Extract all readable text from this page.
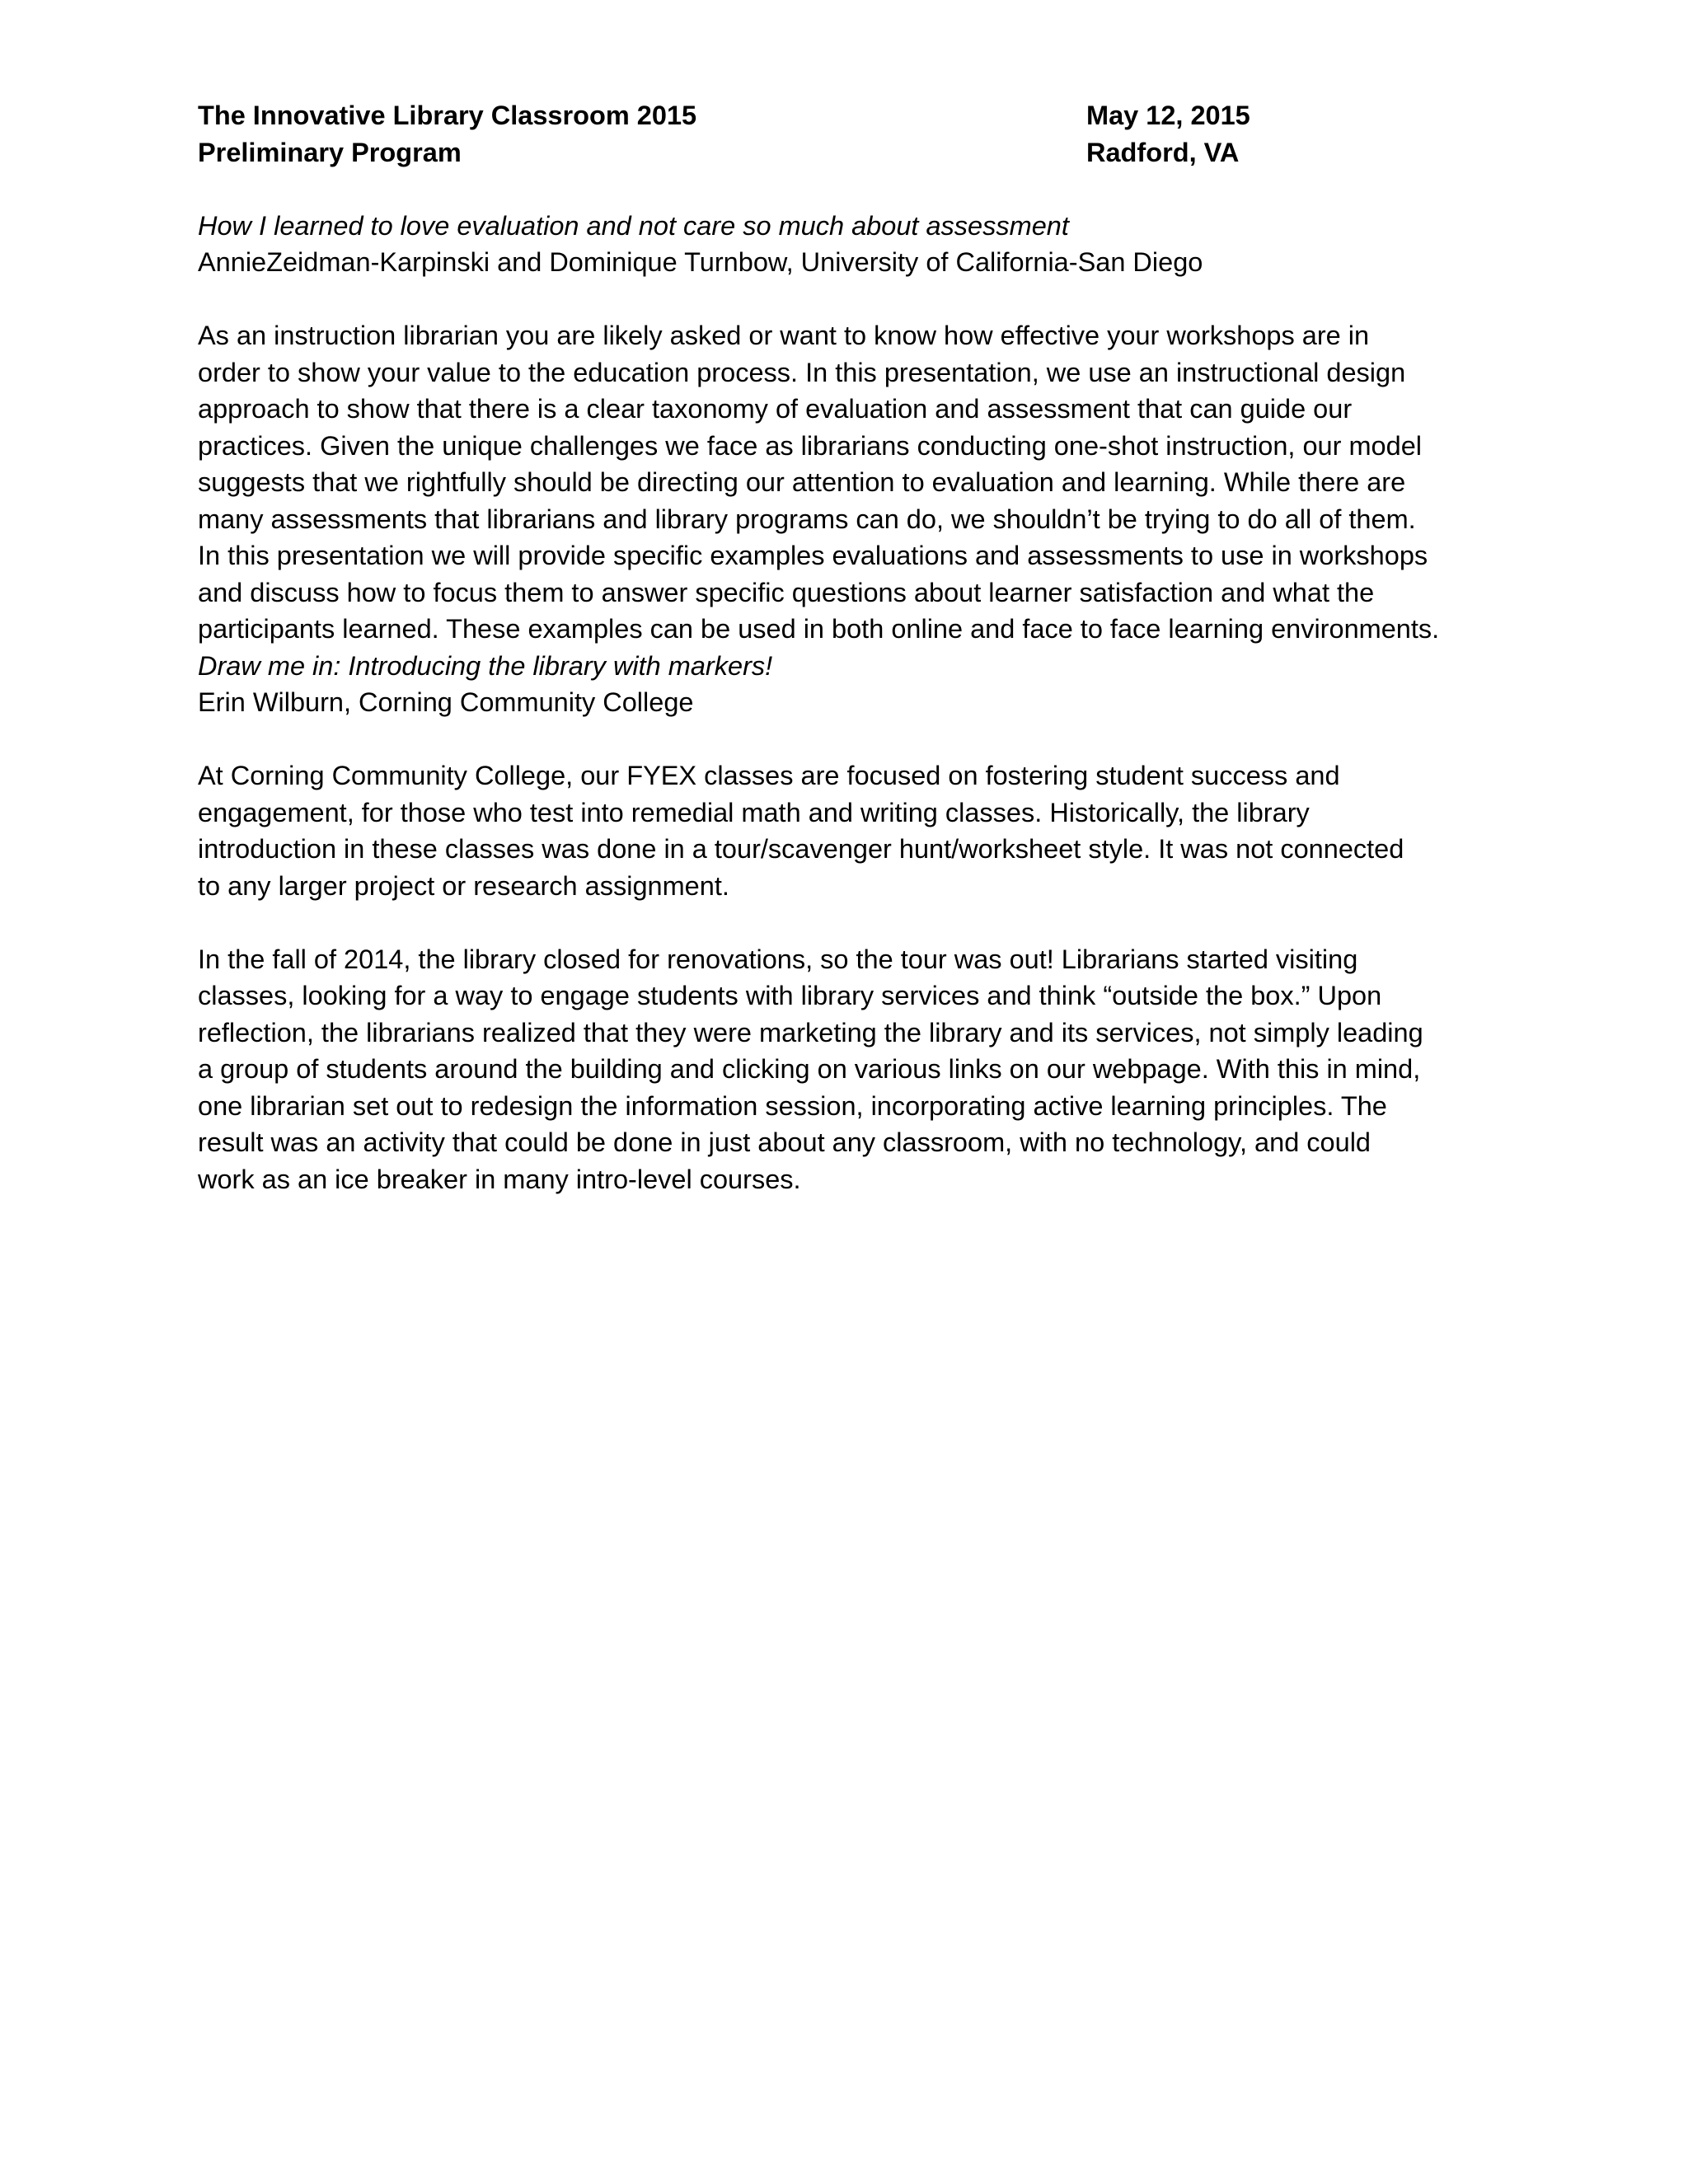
The Innovative Library Classroom 2015
Preliminary Program
May 12, 2015
Radford, VA
How I learned to love evaluation and not care so much about assessment
AnnieZeidman-Karpinski and Dominique Turnbow, University of California-San Diego

As an instruction librarian you are likely asked or want to know how effective your workshops are in
order to show your value to the education process. In this presentation, we use an instructional design
approach to show that there is a clear taxonomy of evaluation and assessment that can guide our
practices. Given the unique challenges we face as librarians conducting one-shot instruction, our model
suggests that we rightfully should be directing our attention to evaluation and learning. While there are
many assessments that librarians and library programs can do, we shouldn’t be trying to do all of them.
In this presentation we will provide specific examples evaluations and assessments to use in workshops
and discuss how to focus them to answer specific questions about learner satisfaction and what the
participants learned. These examples can be used in both online and face to face learning environments.

Draw me in: Introducing the library with markers!
Erin Wilburn, Corning Community College

At Corning Community College, our FYEX classes are focused on fostering student success and
engagement, for those who test into remedial math and writing classes. Historically, the library
introduction in these classes was done in a tour/scavenger hunt/worksheet style. It was not connected
to any larger project or research assignment.

In the fall of 2014, the library closed for renovations, so the tour was out! Librarians started visiting
classes, looking for a way to engage students with library services and think “outside the box.” Upon
reflection, the librarians realized that they were marketing the library and its services, not simply leading
a group of students around the building and clicking on various links on our webpage. With this in mind,
one librarian set out to redesign the information session, incorporating active learning principles. The
result was an activity that could be done in just about any classroom, with no technology, and could
work as an ice breaker in many intro-level courses.
